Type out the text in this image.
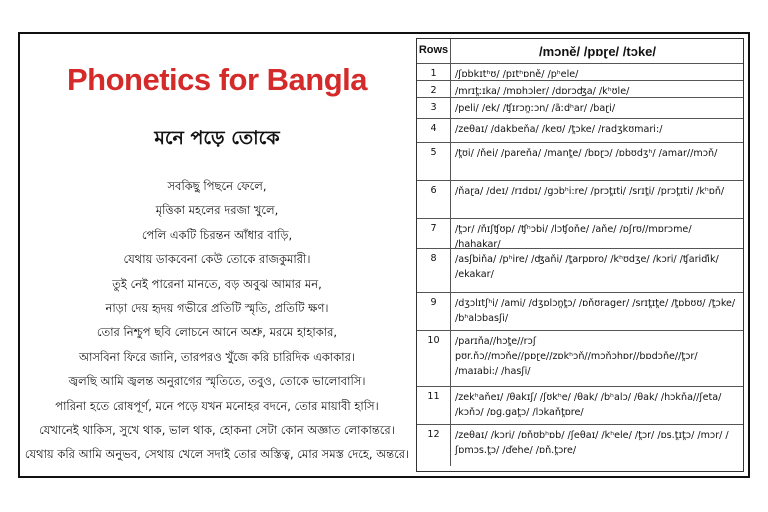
Phonetics for Bangla
মনে পড়ে তোকে
সবকিছু পিছনে ফেলে,
মৃত্তিকা মহলের দরজা খুলে,
পেলি একটি চিরন্তন আঁধার বাড়ি,
যেথায় ডাকবেনা কেউ তোকে রাজকুমারী।
তুই নেই পারেনা মানতে, বড় অবুঝ আমার মন,
নাড়া দেয় হৃদয় গভীরে প্রতিটি স্মৃতি, প্রতিটি ক্ষণ।
তোর নিশ্চুপ ছবি লোচনে আনে অশ্রু, মরমে হাহাকার,
আসবিনা ফিরে জানি, তারপরও খুঁজে করি চারিদিক একাকার।
জ্বলছি আমি জ্বলন্ত অনুরাগের স্মৃতিতে, তবুও, তোকে ভালোবাসি।
পারিনা হতে রোষপূর্ণ, মনে পড়ে যখন মনোহর বদনে, তোর মায়াবী হাসি।
যেখানেই থাকিস, সুখে থাক, ভাল থাক, হোকনা সেটা কোন অজ্ঞাত লোকান্তরে।
যেথায় করি আমি অনুভব, সেথায় খেলে সদাই তোর অস্তিত্ব, মোর সমস্ত দেহে, অন্তরে।
Rows	/mɔně/ /pɒɽe/ /tɔke/
1	/ʃɒbkɪtʰʊ/ /pɪtʰɒně/ /pʰele/
2	/mrɪt̪ːɪka/ /mɒhɔler/ /dɒrɔʤa/ /kʰʊle/
3	/peli/ /ek/ /ʧɪrɔn̪ːɔn/ /ãːdʰar/ /baɽi/
4	/zeθaɪ/ /dakbeňa/ /keʊ/ /t̪ɔke/ /radʒkʊmari:/
5	/t̪ʊi/ /ňei/ /pareňa/ /mant̪e/ /bɒɽɔ/ /ɒbʊdʒʰ/ /amar//mɔň/
6	/ňaɽa/ /deɪ/ /rɪdɒɪ/ /gɔbʰi:re/ /prɔt̪ɪti/ /srɪt̪i/ /prɔt̪ɪti/ /kʰɒň/
7	/t̪ɔr/ /ňɪʃʧʊp/ /ʧʰɔbi/ /lɔʧoňe/ /aňe/ /ɒʃrʊ//mɒrɔme/ /hahakar/
8	/asʃbiňa/ /pʰire/ /ʤaňi/ /t̪arpɒro/ /kʰʊdʒe/ /kɔri/ /ʧariďik/ /ekakar/
9	/dʒɔlɪtʃʰi/ /ami/ /dʒɒlɔn̪t̪ɔ/ /ɒňʊrager/ /srɪt̪ɪt̪e/ /t̪ɒbʊʊ/ /t̪ɔke/ /bʰalɔbasʃi/
10	/parɪňa//hɔt̪e//rɔʃ pʊr.ňɔ//mɔňe//pɒɽe//zɒkʰɔň//mɔňɔhɒr//bɒdɔňe//t̪ɔr/ /maɪabi:/ /hasʃi/
11	/zekʰaňeɪ/ /θakɪʃ/ /ʃʊkʰe/ /θak/ /bʰalɔ/ /θak/ /hɔkňa//ʃeta/ /kɔňɔ/ /ɒɡ.gat̪ɔ/ /lɔkaňt̪ɒre/
12	/zeθaɪ/ /kɔri/ /ɒňʊbʰɒb/ /ʃeθaɪ/ /kʰele/ /t̪ɔr/ /ɒs.t̪ɪt̪ɔ/ /mɔr/ /ʃɒmɔs.t̪ɔ/ /ďehe/ /ɒň.t̪ɔre/
